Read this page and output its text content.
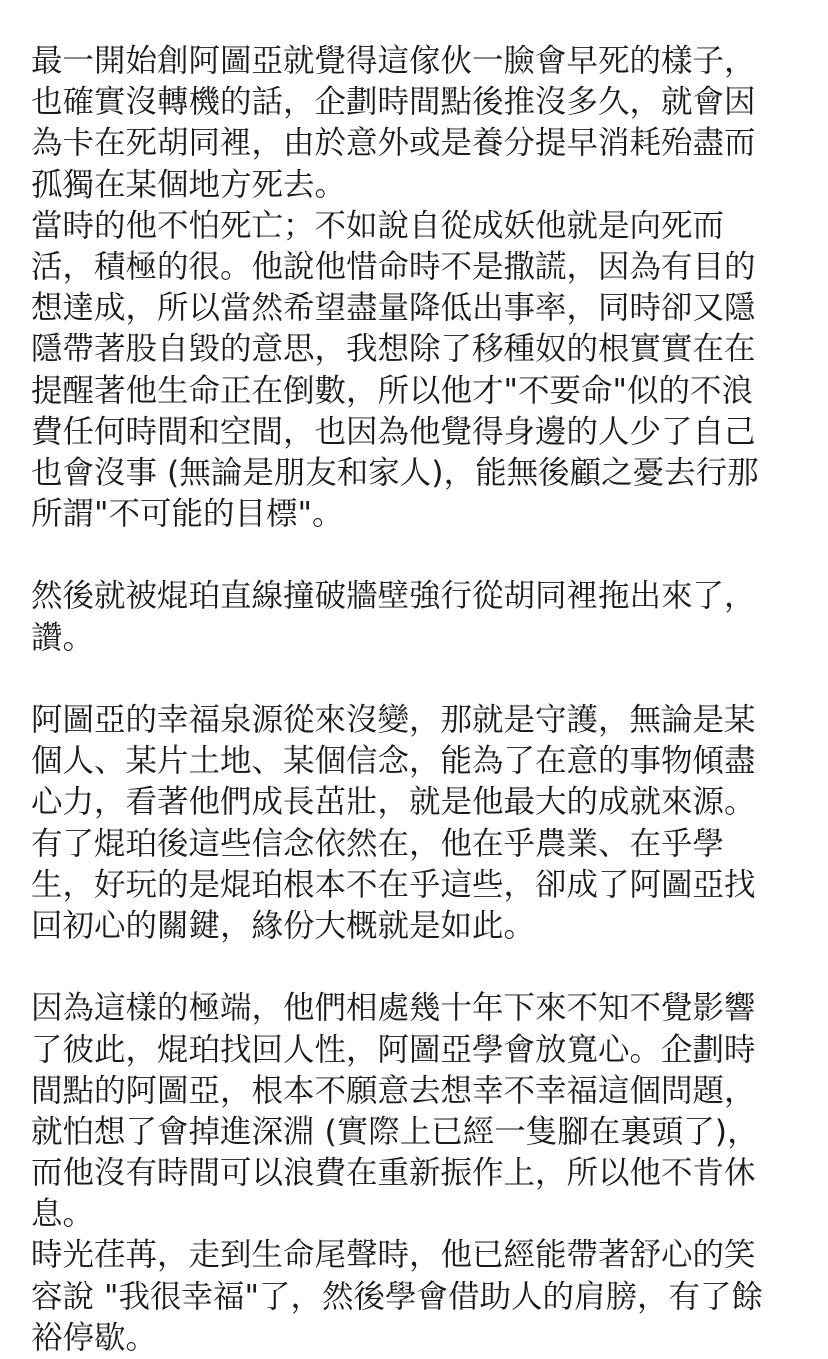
最一開始創阿圖亞就覺得這傢伙一臉會早死的樣子，
也確實沒轉機的話，企劃時間點後推沒多久，就會因
為卡在死胡同裡，由於意外或是養分提早消耗殆盡而
孤獨在某個地方死去。
當時的他不怕死亡；不如說自從成妖他就是向死而
活，積極的很。他說他惜命時不是撒謊，因為有目的
想達成，所以當然希望盡量降低出事率，同時卻又隱
隱帶著股自毀的意思，我想除了移種奴的根實實在在
提醒著他生命正在倒數，所以他才"不要命"似的不浪
費任何時間和空間，也因為他覺得身邊的人少了自己
也會沒事 (無論是朋友和家人)，能無後顧之憂去行那
所謂"不可能的目標"。
然後就被焜珀直線撞破牆壁強行從胡同裡拖出來了，
讚。
阿圖亞的幸福泉源從來沒變，那就是守護，無論是某
個人、某片土地、某個信念，能為了在意的事物傾盡
心力，看著他們成長茁壯，就是他最大的成就來源。
有了焜珀後這些信念依然在，他在乎農業、在乎學
生，好玩的是焜珀根本不在乎這些，卻成了阿圖亞找
回初心的關鍵，緣份大概就是如此。
因為這樣的極端，他們相處幾十年下來不知不覺影響
了彼此，焜珀找回人性，阿圖亞學會放寬心。企劃時
間點的阿圖亞，根本不願意去想幸不幸福這個問題，
就怕想了會掉進深淵 (實際上已經一隻腳在裏頭了)，
而他沒有時間可以浪費在重新振作上，所以他不肯休
息。
時光荏苒，走到生命尾聲時，他已經能帶著舒心的笑
容說 "我很幸福"了，然後學會借助人的肩膀，有了餘
裕停歇。
